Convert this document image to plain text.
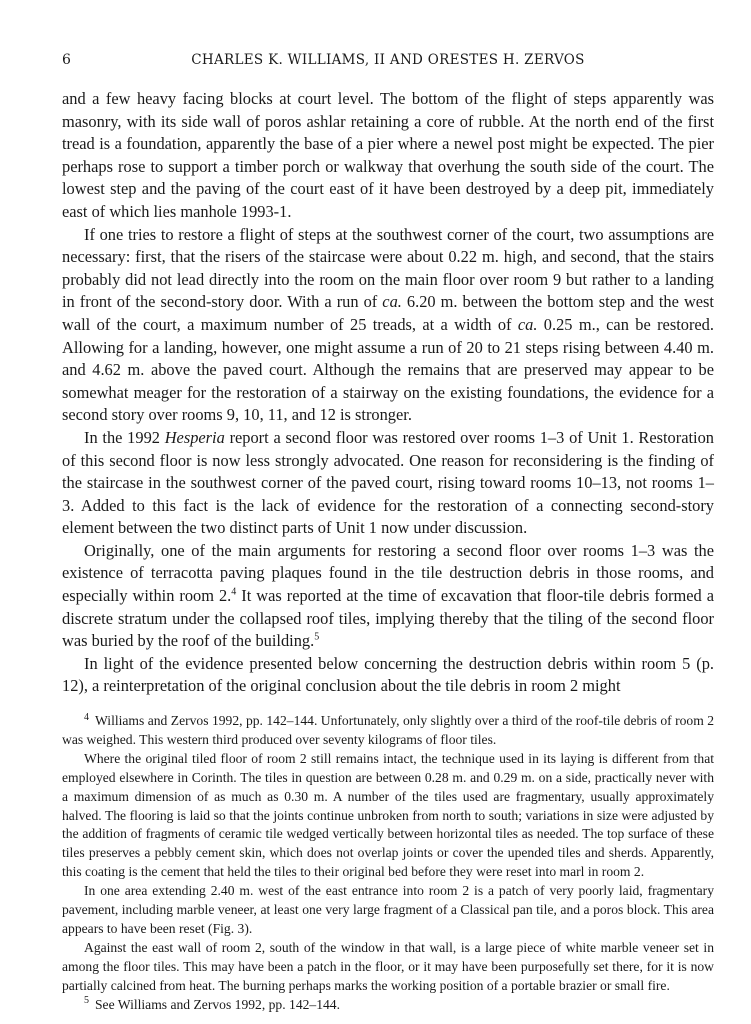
6	CHARLES K. WILLIAMS, II AND ORESTES H. ZERVOS

and a few heavy facing blocks at court level. The bottom of the flight of steps apparently was masonry, with its side wall of poros ashlar retaining a core of rubble. At the north end of the first tread is a foundation, apparently the base of a pier where a newel post might be expected. The pier perhaps rose to support a timber porch or walkway that overhung the south side of the court. The lowest step and the paving of the court east of it have been destroyed by a deep pit, immediately east of which lies manhole 1993-1.

If one tries to restore a flight of steps at the southwest corner of the court, two assumptions are necessary: first, that the risers of the staircase were about 0.22 m. high, and second, that the stairs probably did not lead directly into the room on the main floor over room 9 but rather to a landing in front of the second-story door. With a run of ca. 6.20 m. between the bottom step and the west wall of the court, a maximum number of 25 treads, at a width of ca. 0.25 m., can be restored. Allowing for a landing, however, one might assume a run of 20 to 21 steps rising between 4.40 m. and 4.62 m. above the paved court. Although the remains that are preserved may appear to be somewhat meager for the restoration of a stairway on the existing foundations, the evidence for a second story over rooms 9, 10, 11, and 12 is stronger.

In the 1992 Hesperia report a second floor was restored over rooms 1–3 of Unit 1. Restoration of this second floor is now less strongly advocated. One reason for reconsidering is the finding of the staircase in the southwest corner of the paved court, rising toward rooms 10–13, not rooms 1–3. Added to this fact is the lack of evidence for the restoration of a connecting second-story element between the two distinct parts of Unit 1 now under discussion.

Originally, one of the main arguments for restoring a second floor over rooms 1–3 was the existence of terracotta paving plaques found in the tile destruction debris in those rooms, and especially within room 2.$^4$ It was reported at the time of excavation that floor-tile debris formed a discrete stratum under the collapsed roof tiles, implying thereby that the tiling of the second floor was buried by the roof of the building.$^5$

In light of the evidence presented below concerning the destruction debris within room 5 (p. 12), a reinterpretation of the original conclusion about the tile debris in room 2 might

$^4$ Williams and Zervos 1992, pp. 142–144. Unfortunately, only slightly over a third of the roof-tile debris of room 2 was weighed. This western third produced over seventy kilograms of floor tiles.

Where the original tiled floor of room 2 still remains intact, the technique used in its laying is different from that employed elsewhere in Corinth. The tiles in question are between 0.28 m. and 0.29 m. on a side, practically never with a maximum dimension of as much as 0.30 m. A number of the tiles used are fragmentary, usually approximately halved. The flooring is laid so that the joints continue unbroken from north to south; variations in size were adjusted by the addition of fragments of ceramic tile wedged vertically between horizontal tiles as needed. The top surface of these tiles preserves a pebbly cement skin, which does not overlap joints or cover the upended tiles and sherds. Apparently, this coating is the cement that held the tiles to their original bed before they were reset into marl in room 2.

In one area extending 2.40 m. west of the east entrance into room 2 is a patch of very poorly laid, fragmentary pavement, including marble veneer, at least one very large fragment of a Classical pan tile, and a poros block. This area appears to have been reset (Fig. 3).

Against the east wall of room 2, south of the window in that wall, is a large piece of white marble veneer set in among the floor tiles. This may have been a patch in the floor, or it may have been purposefully set there, for it is now partially calcined from heat. The burning perhaps marks the working position of a portable brazier or small fire.

$^5$ See Williams and Zervos 1992, pp. 142–144.
